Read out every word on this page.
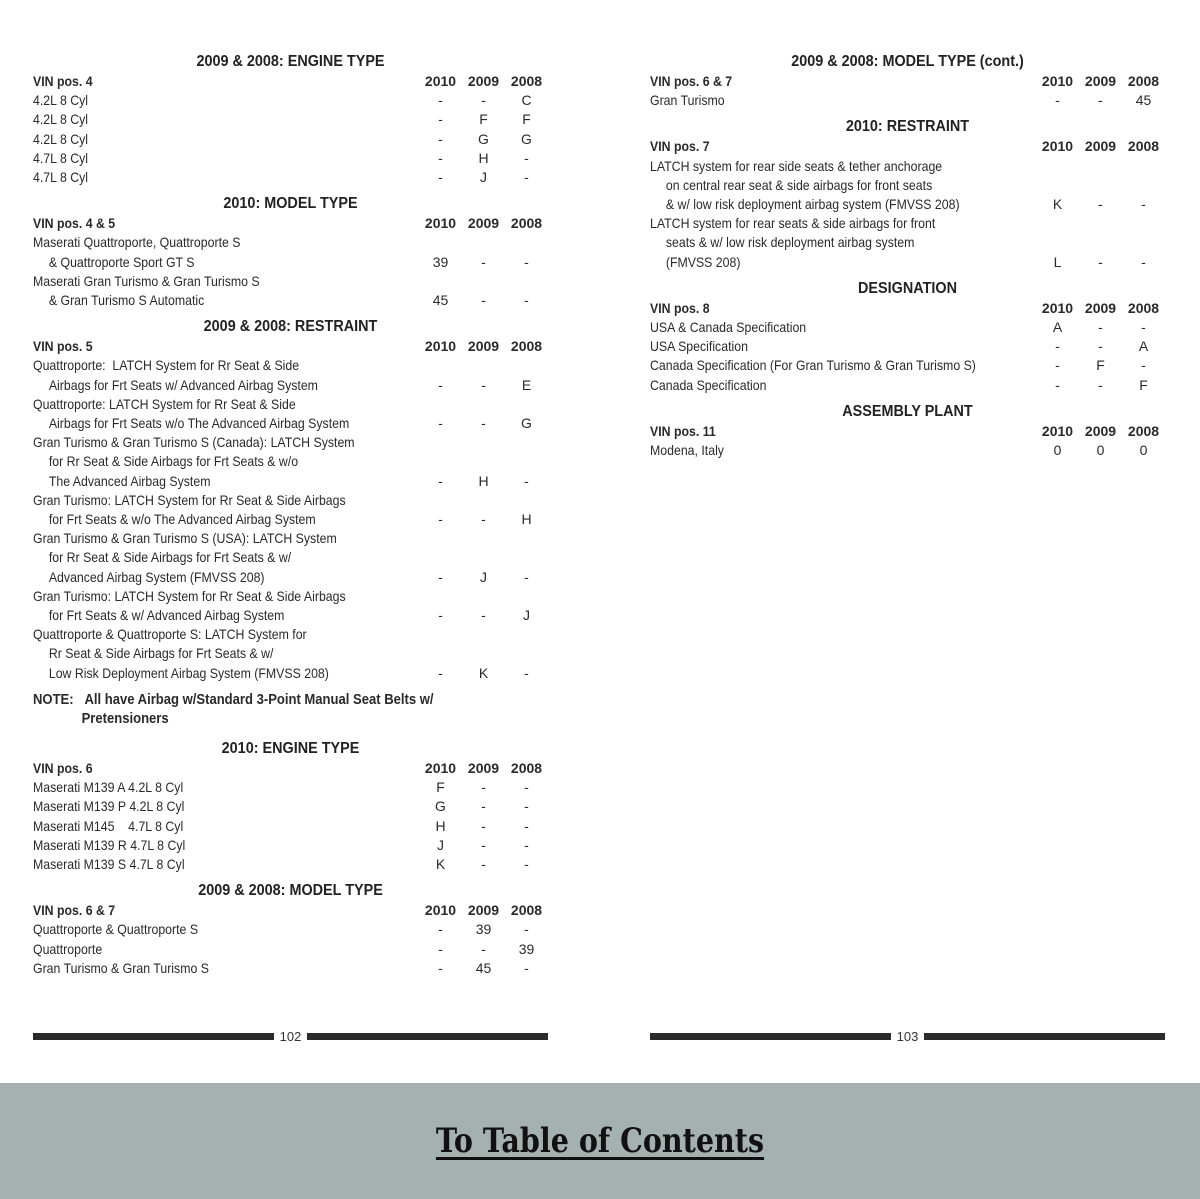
2009 & 2008: ENGINE TYPE
VIN pos. 4	2010 2009 2008
4.2L 8 Cyl	-	-	C
4.2L 8 Cyl	-	F	F
4.2L 8 Cyl	-	G	G
4.7L 8 Cyl	-	H	-
4.7L 8 Cyl	-	J	-
2010: MODEL TYPE
VIN pos. 4 & 5	2010 2009 2008
Maserati Quattroporte, Quattroporte S
& Quattroporte Sport GT S	39	-	-
Maserati Gran Turismo & Gran Turismo S
& Gran Turismo S Automatic	45	-	-
2009 & 2008: RESTRAINT
VIN pos. 5	2010 2009 2008
Quattroporte:  LATCH System for Rr Seat & Side
Airbags for Frt Seats w/ Advanced Airbag System	-	-	E
Quattroporte: LATCH System for Rr Seat & Side
Airbags for Frt Seats w/o The Advanced Airbag System	-	-	G
Gran Turismo & Gran Turismo S (Canada): LATCH System
for Rr Seat & Side Airbags for Frt Seats & w/o
The Advanced Airbag System	-	H	-
Gran Turismo: LATCH System for Rr Seat & Side Airbags
for Frt Seats & w/o The Advanced Airbag System	-	-	H
Gran Turismo & Gran Turismo S (USA): LATCH System
for Rr Seat & Side Airbags for Frt Seats & w/
Advanced Airbag System (FMVSS 208)	-	J	-
Gran Turismo: LATCH System for Rr Seat & Side Airbags
for Frt Seats & w/ Advanced Airbag System	-	-	J
Quattroporte & Quattroporte S: LATCH System for
Rr Seat & Side Airbags for Frt Seats & w/
Low Risk Deployment Airbag System (FMVSS 208)	-	K	-
NOTE: All have Airbag w/Standard 3-Point Manual Seat Belts w/
Pretensioners
2010: ENGINE TYPE
VIN pos. 6	2010 2009 2008
Maserati M139 A 4.2L 8 Cyl	F	-	-
Maserati M139 P 4.2L 8 Cyl	G	-	-
Maserati M145    4.7L 8 Cyl	H	-	-
Maserati M139 R 4.7L 8 Cyl	J	-	-
Maserati M139 S 4.7L 8 Cyl	K	-	-
2009 & 2008: MODEL TYPE
VIN pos. 6 & 7	2010 2009 2008
Quattroporte & Quattroporte S	-	39	-
Quattroporte	-	-	39
Gran Turismo & Gran Turismo S	-	45	-
2009 & 2008: MODEL TYPE (cont.)
VIN pos. 6 & 7	2010 2009 2008
Gran Turismo	-	-	45
2010: RESTRAINT
VIN pos. 7	2010 2009 2008
LATCH system for rear side seats & tether anchorage
on central rear seat & side airbags for front seats
& w/ low risk deployment airbag system (FMVSS 208)	K	-	-
LATCH system for rear seats & side airbags for front
seats & w/ low risk deployment airbag system
(FMVSS 208)	L	-	-
DESIGNATION
VIN pos. 8	2010 2009 2008
USA & Canada Specification	A	-	-
USA Specification	-	-	A
Canada Specification (For Gran Turismo & Gran Turismo S)	-	F	-
Canada Specification	-	-	F
ASSEMBLY PLANT
VIN pos. 11	2010 2009 2008
Modena, Italy	0	0	0
102	103
To Table of Contents
